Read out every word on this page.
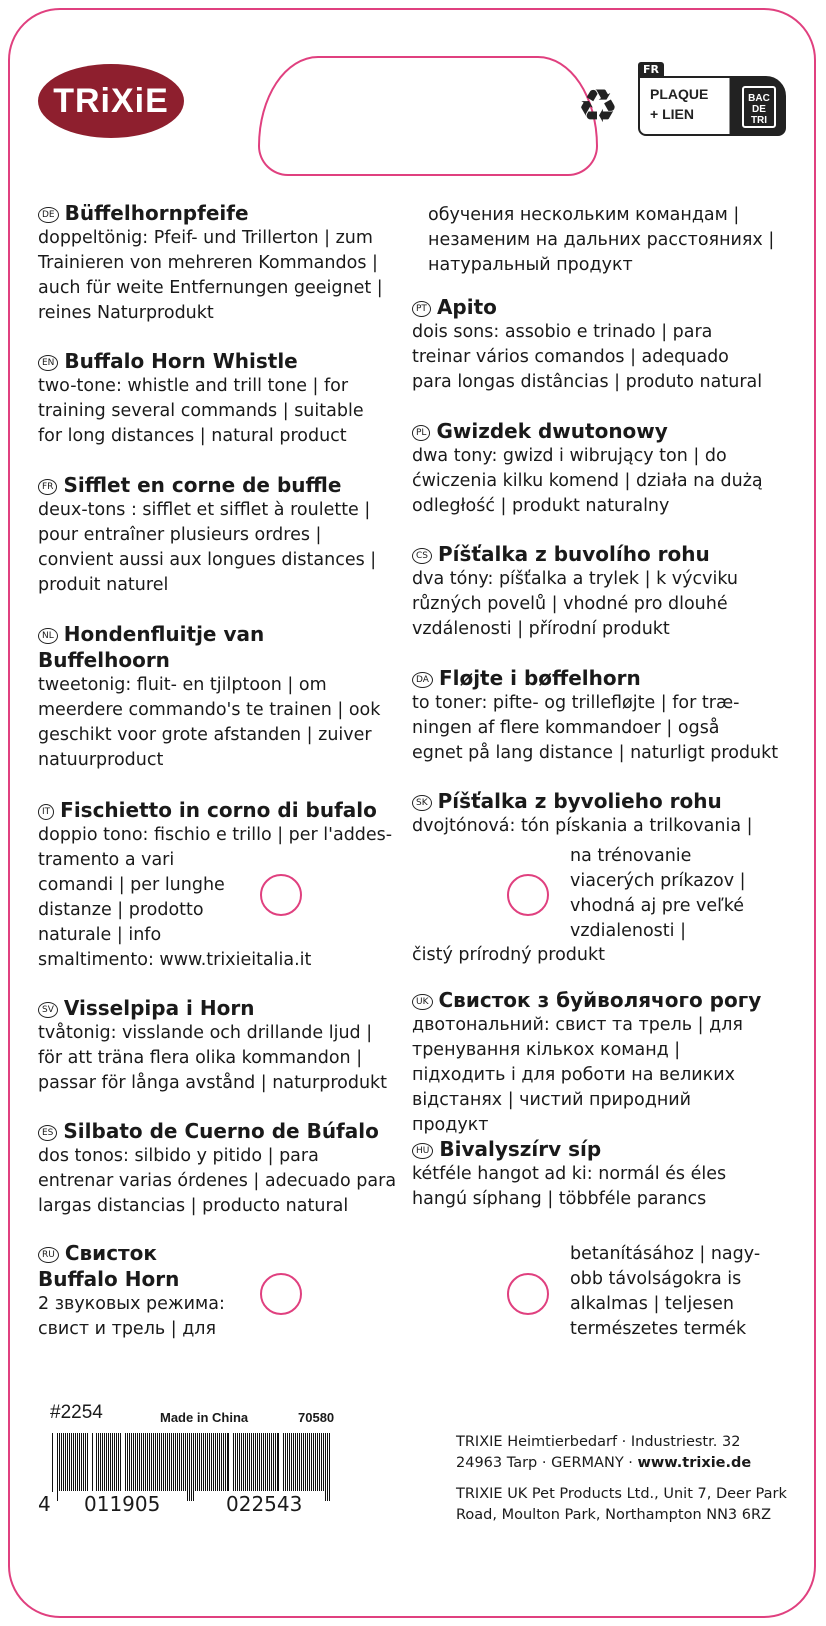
TRiXiE	♻
FR
PLAQUE
+ LIEN
BAC
DE
TRI
DE Büffelhornpfeife
doppeltönig: Pfeif- und Trillerton | zum
Trainieren von mehreren Kommandos |
auch für weite Entfernungen geeignet |
reines Naturprodukt
EN Buffalo Horn Whistle
two-tone: whistle and trill tone | for
training several commands | suitable
for long distances | natural product
FR Sifflet en corne de buffle
deux-tons : sifflet et sifflet à roulette |
pour entraîner plusieurs ordres |
convient aussi aux longues distances |
produit naturel
NL Hondenfluitje van
Buffelhoorn
tweetonig: fluit- en tjilptoon | om
meerdere commando's te trainen | ook
geschikt voor grote afstanden | zuiver
natuurproduct
IT Fischietto in corno di bufalo
doppio tono: fischio e trillo | per l'addes-
tramento a vari
comandi | per lunghe
distanze | prodotto
naturale | info
smaltimento: www.trixieitalia.it
SV Visselpipa i Horn
tvåtonig: visslande och drillande ljud |
för att träna flera olika kommandon |
passar för långa avstånd | naturprodukt
ES Silbato de Cuerno de Búfalo
dos tonos: silbido y pitido | para
entrenar varias órdenes | adecuado para
largas distancias | producto natural
RU Свисток
Buffalo Horn
2 звуковых режима:
свист и трель | для
обучения нескольким командам |
незаменим на дальних расстояниях |
натуральный продукт
PT Apito
dois sons: assobio e trinado | para
treinar vários comandos | adequado
para longas distâncias | produto natural
PL Gwizdek dwutonowy
dwa tony: gwizd i wibrujący ton | do
ćwiczenia kilku komend | działa na dużą
odległość | produkt naturalny
CS Píšťalka z buvolího rohu
dva tóny: píšťalka a trylek | k výcviku
různých povelů | vhodné pro dlouhé
vzdálenosti | přírodní produkt
DA Fløjte i bøffelhorn
to toner: pifte- og trillefløjte | for træ-
ningen af flere kommandoer | også
egnet på lang distance | naturligt produkt
SK Píšťalka z byvolieho rohu
dvojtónová: tón pískania a trilkovania |
UK Свисток з буйволячого рогу
двотональний: свист та трель | для
тренування кількох команд |
підходить і для роботи на великих
відстанях | чистий природний
продукт
HU Bivalyszírv síp
kétféle hangot ad ki: normál és éles
hangú síphang | többféle parancs
#2254	Made in China	70580
4 011905	022543
TRIXIE Heimtierbedarf · Industriestr. 32
24963 Tarp · GERMANY · www.trixie.de
TRIXIE UK Pet Products Ltd., Unit 7, Deer Park
Road, Moulton Park, Northampton NN3 6RZ
na trénovanie
viacerých príkazov |
vhodná aj pre veľké
vzdialenosti |
čistý prírodný produkt
betanításához | nagy-
obb távolságokra is
alkalmas | teljesen
természetes termék
